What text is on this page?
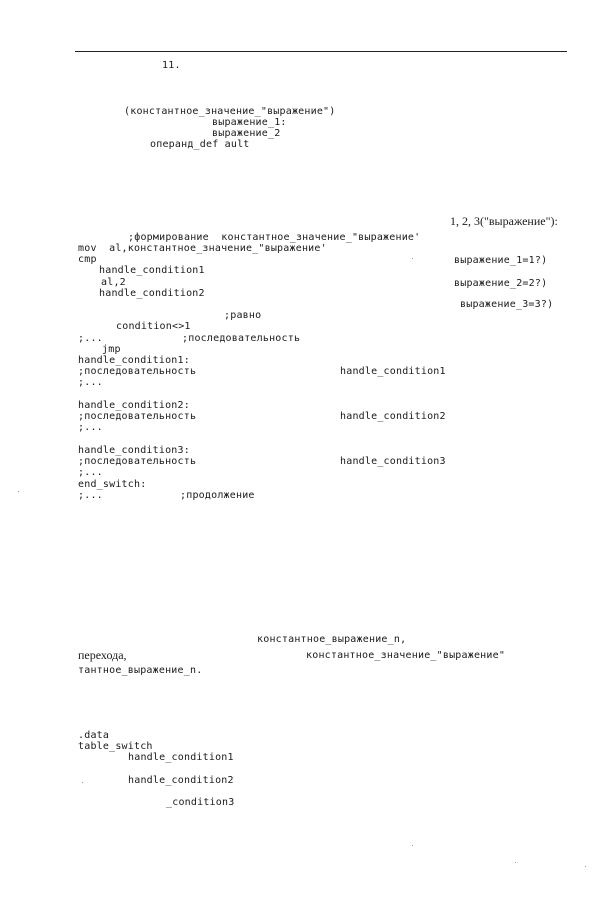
11.
(константное_значение_"выражение")
выражение_1:
выражение_2
операнд_def ault
1, 2, 3("выражение"):
;формирование  константное_значение_"выражение'
mov  al,константное_значение_"выражение'
cmp	выражение_1=1?)
handle_condition1
al,2	выражение_2=2?)
handle_condition2
выражение_3=3?)
;равно
condition<>1
;...	;последовательность
jmp
handle_condition1:
;последовательность	handle_condition1
;...
handle_condition2:
;последовательность	handle_condition2
;...
handle_condition3:
;последовательность	handle_condition3
;...
end_switch:
;...	;продолжение
константное_выражение_n,
перехода,	константное_значение_"выражение"
тантное_выражение_n.
.data
table_switch
handle_condition1
handle_condition2
_condition3
